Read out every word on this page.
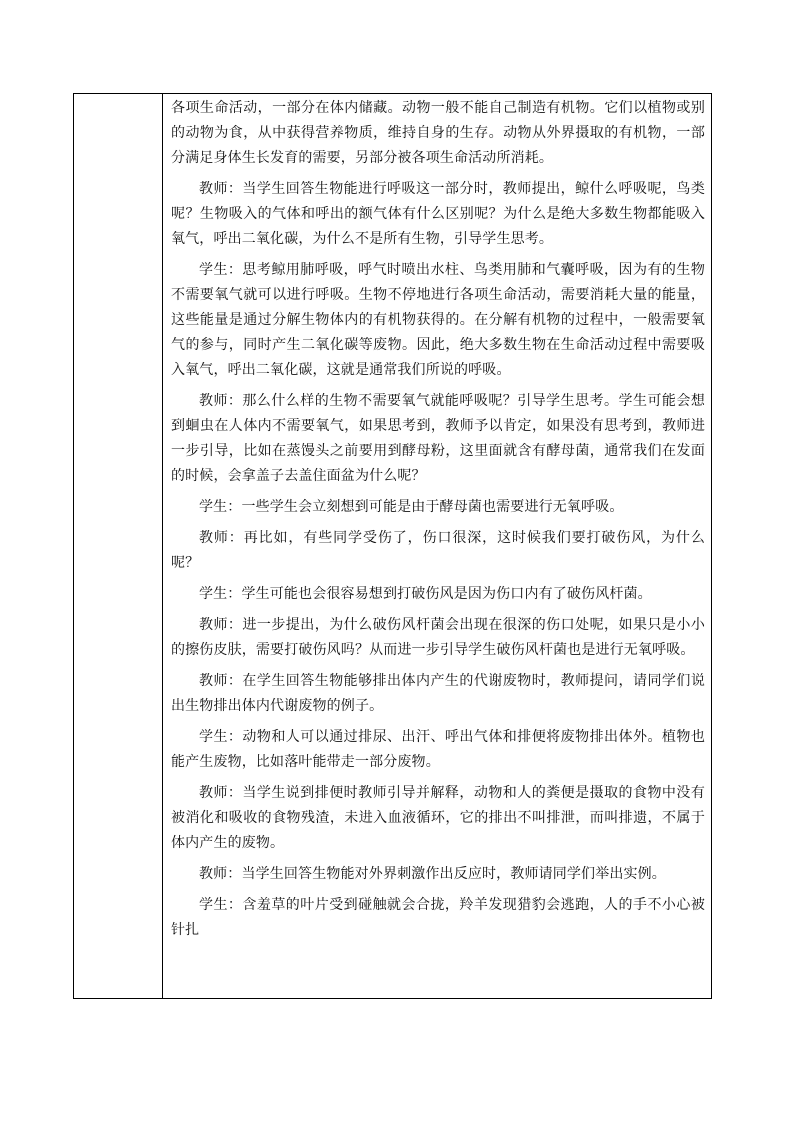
各项生命活动，一部分在体内储藏。动物一般不能自己制造有机物。它们以植物或别的动物为食，从中获得营养物质，维持自身的生存。动物从外界摄取的有机物，一部分满足身体生长发育的需要，另部分被各项生命活动所消耗。

教师：当学生回答生物能进行呼吸这一部分时，教师提出，鲸什么呼吸呢，鸟类呢？生物吸入的气体和呼出的额气体有什么区别呢？为什么是绝大多数生物都能吸入氧气，呼出二氧化碳，为什么不是所有生物，引导学生思考。

学生：思考鲸用肺呼吸，呼气时喷出水柱、鸟类用肺和气囊呼吸，因为有的生物不需要氧气就可以进行呼吸。生物不停地进行各项生命活动，需要消耗大量的能量，这些能量是通过分解生物体内的有机物获得的。在分解有机物的过程中，一般需要氧气的参与，同时产生二氧化碳等废物。因此，绝大多数生物在生命活动过程中需要吸入氧气，呼出二氧化碳，这就是通常我们所说的呼吸。

教师：那么什么样的生物不需要氧气就能呼吸呢？引导学生思考。学生可能会想到蛔虫在人体内不需要氧气，如果思考到，教师予以肯定，如果没有思考到，教师进一步引导，比如在蒸馒头之前要用到酵母粉，这里面就含有酵母菌，通常我们在发面的时候，会拿盖子去盖住面盆为什么呢？

学生：一些学生会立刻想到可能是由于酵母菌也需要进行无氧呼吸。

教师：再比如，有些同学受伤了，伤口很深，这时候我们要打破伤风，为什么呢？

学生：学生可能也会很容易想到打破伤风是因为伤口内有了破伤风杆菌。

教师：进一步提出，为什么破伤风杆菌会出现在很深的伤口处呢，如果只是小小的擦伤皮肤，需要打破伤风吗？从而进一步引导学生破伤风杆菌也是进行无氧呼吸。

教师：在学生回答生物能够排出体内产生的代谢废物时，教师提问，请同学们说出生物排出体内代谢废物的例子。

学生：动物和人可以通过排尿、出汗、呼出气体和排便将废物排出体外。植物也能产生废物，比如落叶能带走一部分废物。

教师：当学生说到排便时教师引导并解释，动物和人的粪便是摄取的食物中没有被消化和吸收的食物残渣，未进入血液循环，它的排出不叫排泄，而叫排遗，不属于体内产生的废物。

教师：当学生回答生物能对外界刺激作出反应时，教师请同学们举出实例。

学生：含羞草的叶片受到碰触就会合拢，羚羊发现猎豹会逃跑，人的手不小心被针扎
